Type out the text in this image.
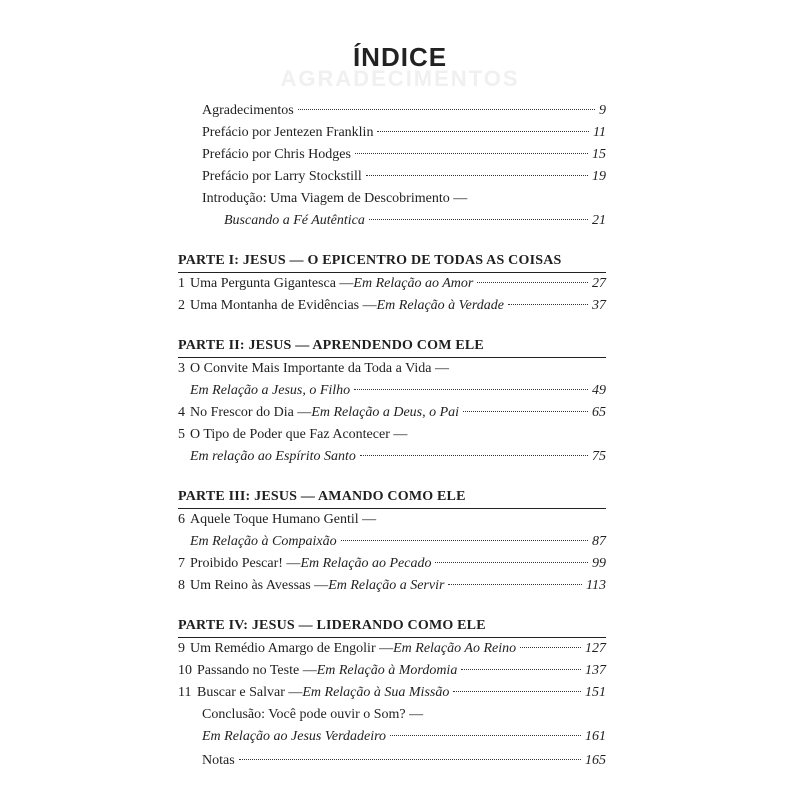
ÍNDICE
AGRADECIMENTOS
Agradecimentos	9
Prefácio por Jentezen Franklin	11
Prefácio por Chris Hodges	15
Prefácio por Larry Stockstill	19
Introdução: Uma Viagem de Descobrimento —
Buscando a Fé Autêntica	21
PARTE I: JESUS — O EPICENTRO DE TODAS AS COISAS
1 Uma Pergunta Gigantesca — Em Relação ao Amor	27
2 Uma Montanha de Evidências — Em Relação à Verdade	37
PARTE II: JESUS — APRENDENDO COM ELE
3 O Convite Mais Importante da Toda a Vida —
Em Relação a Jesus, o Filho	49
4 No Frescor do Dia — Em Relação a Deus, o Pai	65
5 O Tipo de Poder que Faz Acontecer —
Em relação ao Espírito Santo	75
PARTE III: JESUS — AMANDO COMO ELE
6 Aquele Toque Humano Gentil —
Em Relação à Compaixão	87
7 Proibido Pescar! — Em Relação ao Pecado	99
8 Um Reino às Avessas — Em Relação a Servir	113
PARTE IV: JESUS — LIDERANDO COMO ELE
9 Um Remédio Amargo de Engolir — Em Relação Ao Reino	127
10 Passando no Teste — Em Relação à Mordomia	137
11 Buscar e Salvar — Em Relação à Sua Missão	151
Conclusão: Você pode ouvir o Som? —
Em Relação ao Jesus Verdadeiro	161
Notas	165
